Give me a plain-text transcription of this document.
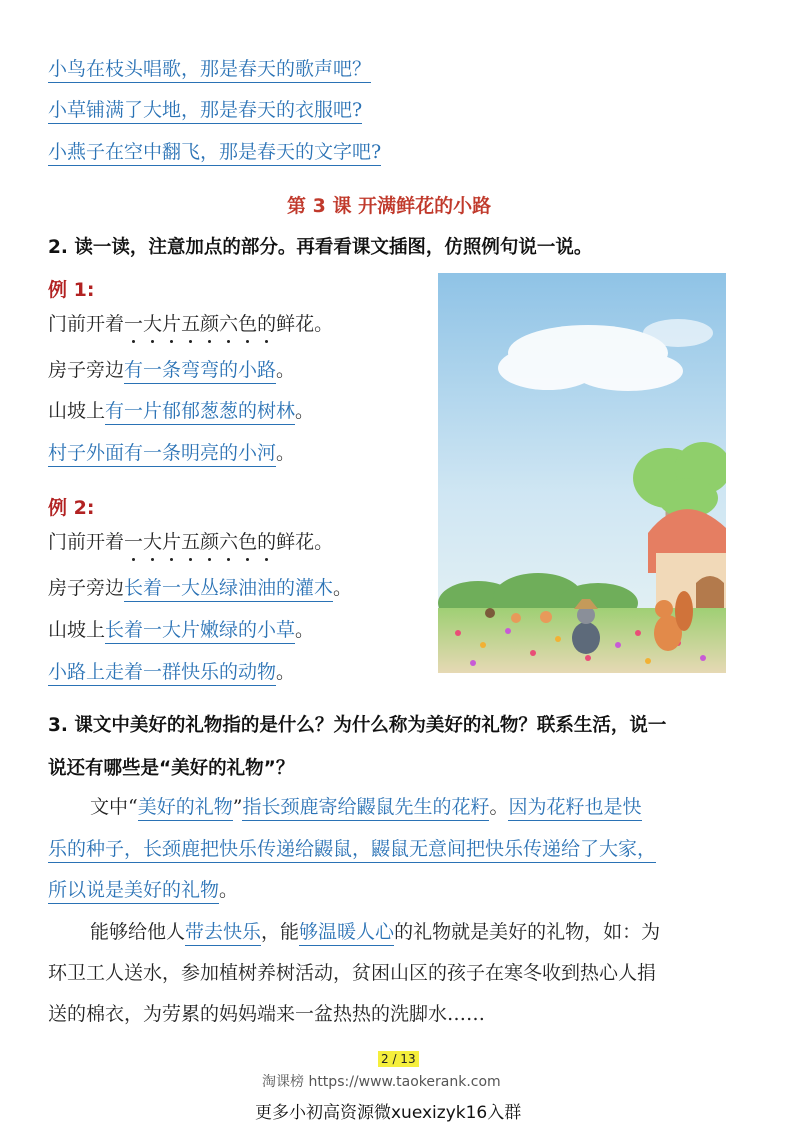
小鸟在枝头唱歌，那是春天的歌声吧？
小草铺满了大地，那是春天的衣服吧?
小燕子在空中翻飞，那是春天的文字吧?
第 3 课 开满鲜花的小路
2. 读一读，注意加点的部分。再看看课文插图，仿照例句说一说。
例 1:
门前开着一大片五颜六色的鲜花。
房子旁边有一条弯弯的小路。
山坡上有一片郁郁葱葱的树林。
村子外面有一条明亮的小河。
例 2:
门前开着一大片五颜六色的鲜花。
房子旁边长着一大丛绿油油的灌木。
山坡上长着一大片嫩绿的小草。
小路上走着一群快乐的动物。
3. 课文中美好的礼物指的是什么？为什么称为美好的礼物？联系生活，说一
说还有哪些是“美好的礼物”？
文中“美好的礼物”指长颈鹿寄给鼹鼠先生的花籽。因为花籽也是快
乐的种子，长颈鹿把快乐传递给鼹鼠，鼹鼠无意间把快乐传递给了大家，
所以说是美好的礼物。
能够给他人带去快乐，能够温暖人心的礼物就是美好的礼物，如：为
环卫工人送水，参加植树养树活动，贫困山区的孩子在寒冬收到热心人捐
送的棉衣，为劳累的妈妈端来一盆热热的洗脚水……
2 / 13
淘课榜 https://www.taokerank.com
更多小初高资源微xuexizyk16入群
